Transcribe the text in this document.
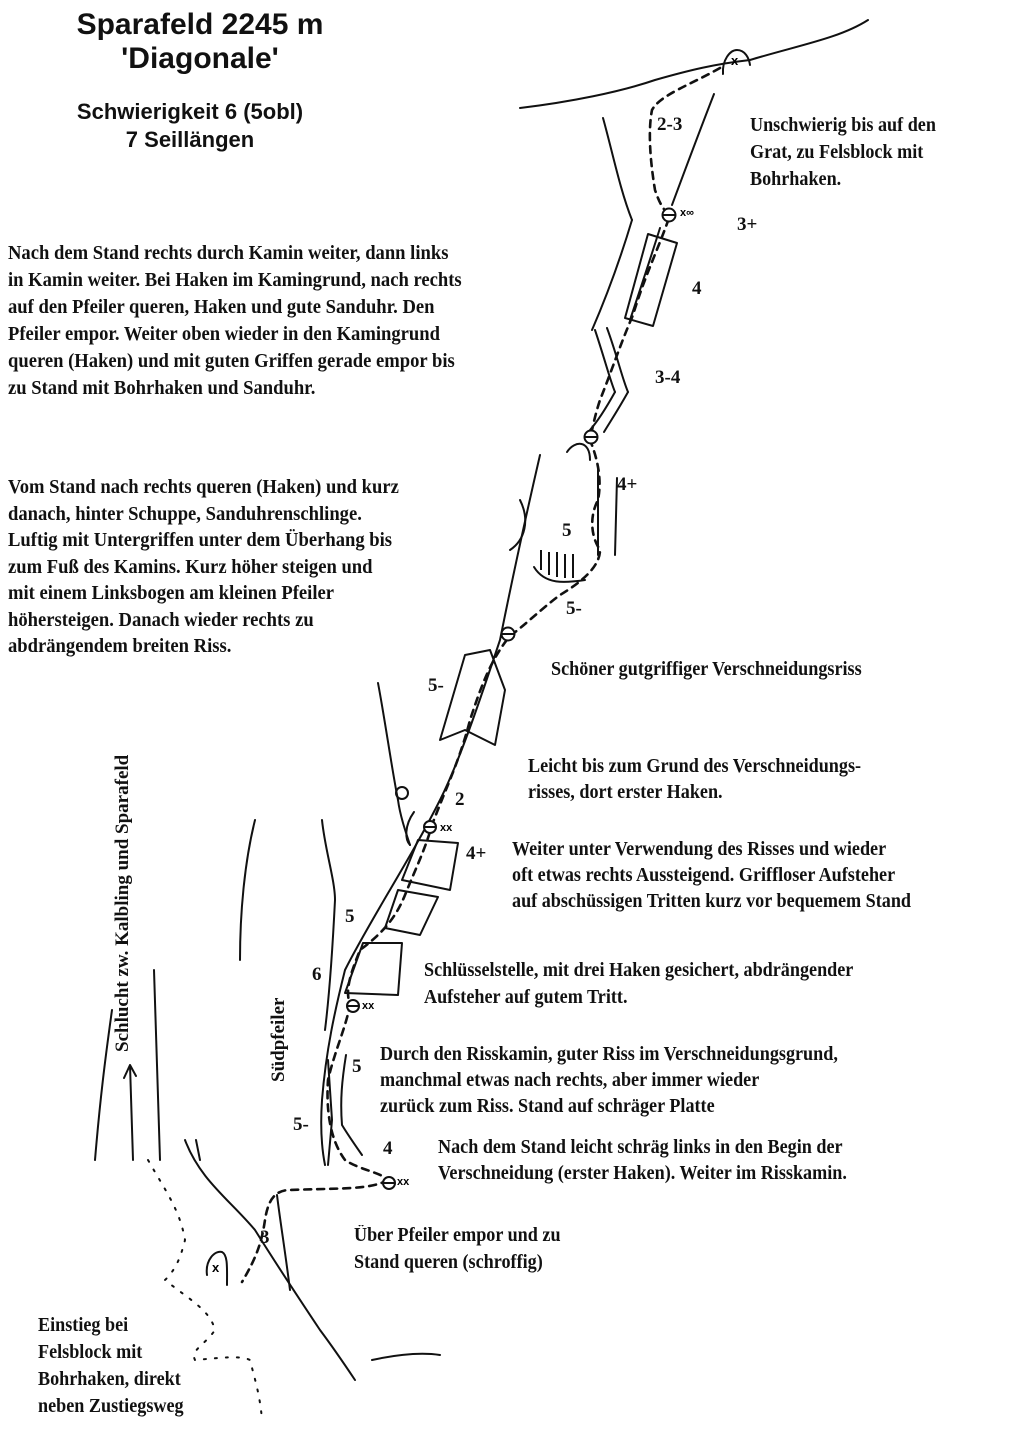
x
x
x∞
xx
xx
xx
Sparafeld 2245 m
'Diagonale'
Schwierigkeit 6 (5obl)
7 Seillängen
Unschwierig bis auf den
Grat, zu Felsblock mit
Bohrhaken.
Nach dem Stand rechts durch Kamin weiter, dann links
in Kamin weiter. Bei Haken im Kamingrund, nach rechts
auf den Pfeiler queren, Haken und gute Sanduhr. Den
Pfeiler empor. Weiter oben wieder in den Kamingrund
queren (Haken) und mit guten Griffen gerade empor bis
zu Stand mit Bohrhaken und Sanduhr.
Vom Stand nach rechts queren (Haken) und kurz
danach, hinter Schuppe, Sanduhrenschlinge.
Luftig mit Untergriffen unter dem Überhang bis
zum Fuß des Kamins. Kurz höher steigen und
mit einem Linksbogen am kleinen Pfeiler
höhersteigen. Danach wieder rechts zu
abdrängendem breiten Riss.
Schöner gutgriffiger Verschneidungsriss
Leicht bis zum Grund des Verschneidungs-
risses, dort erster Haken.
Weiter unter Verwendung des Risses und wieder
oft etwas rechts Aussteigend. Griffloser Aufsteher
auf abschüssigen Tritten kurz vor bequemem Stand
Schlüsselstelle, mit drei Haken gesichert, abdrängender
Aufsteher auf gutem Tritt.
Durch den Risskamin, guter Riss im Verschneidungsgrund,
manchmal etwas nach rechts, aber immer wieder
zurück zum Riss. Stand auf schräger Platte
Nach dem Stand leicht schräg links in den Begin der
Verschneidung (erster Haken). Weiter im Risskamin.
Über Pfeiler empor und zu
Stand queren (schroffig)
Einstieg bei
Felsblock mit
Bohrhaken, direkt
neben Zustiegsweg
Schlucht zw. Kalbling und Sparafeld	Südpfeiler
2-3
3+
4
3-4
4+
5
5-
5-
2
4+
5
6
5
5-
4
3
